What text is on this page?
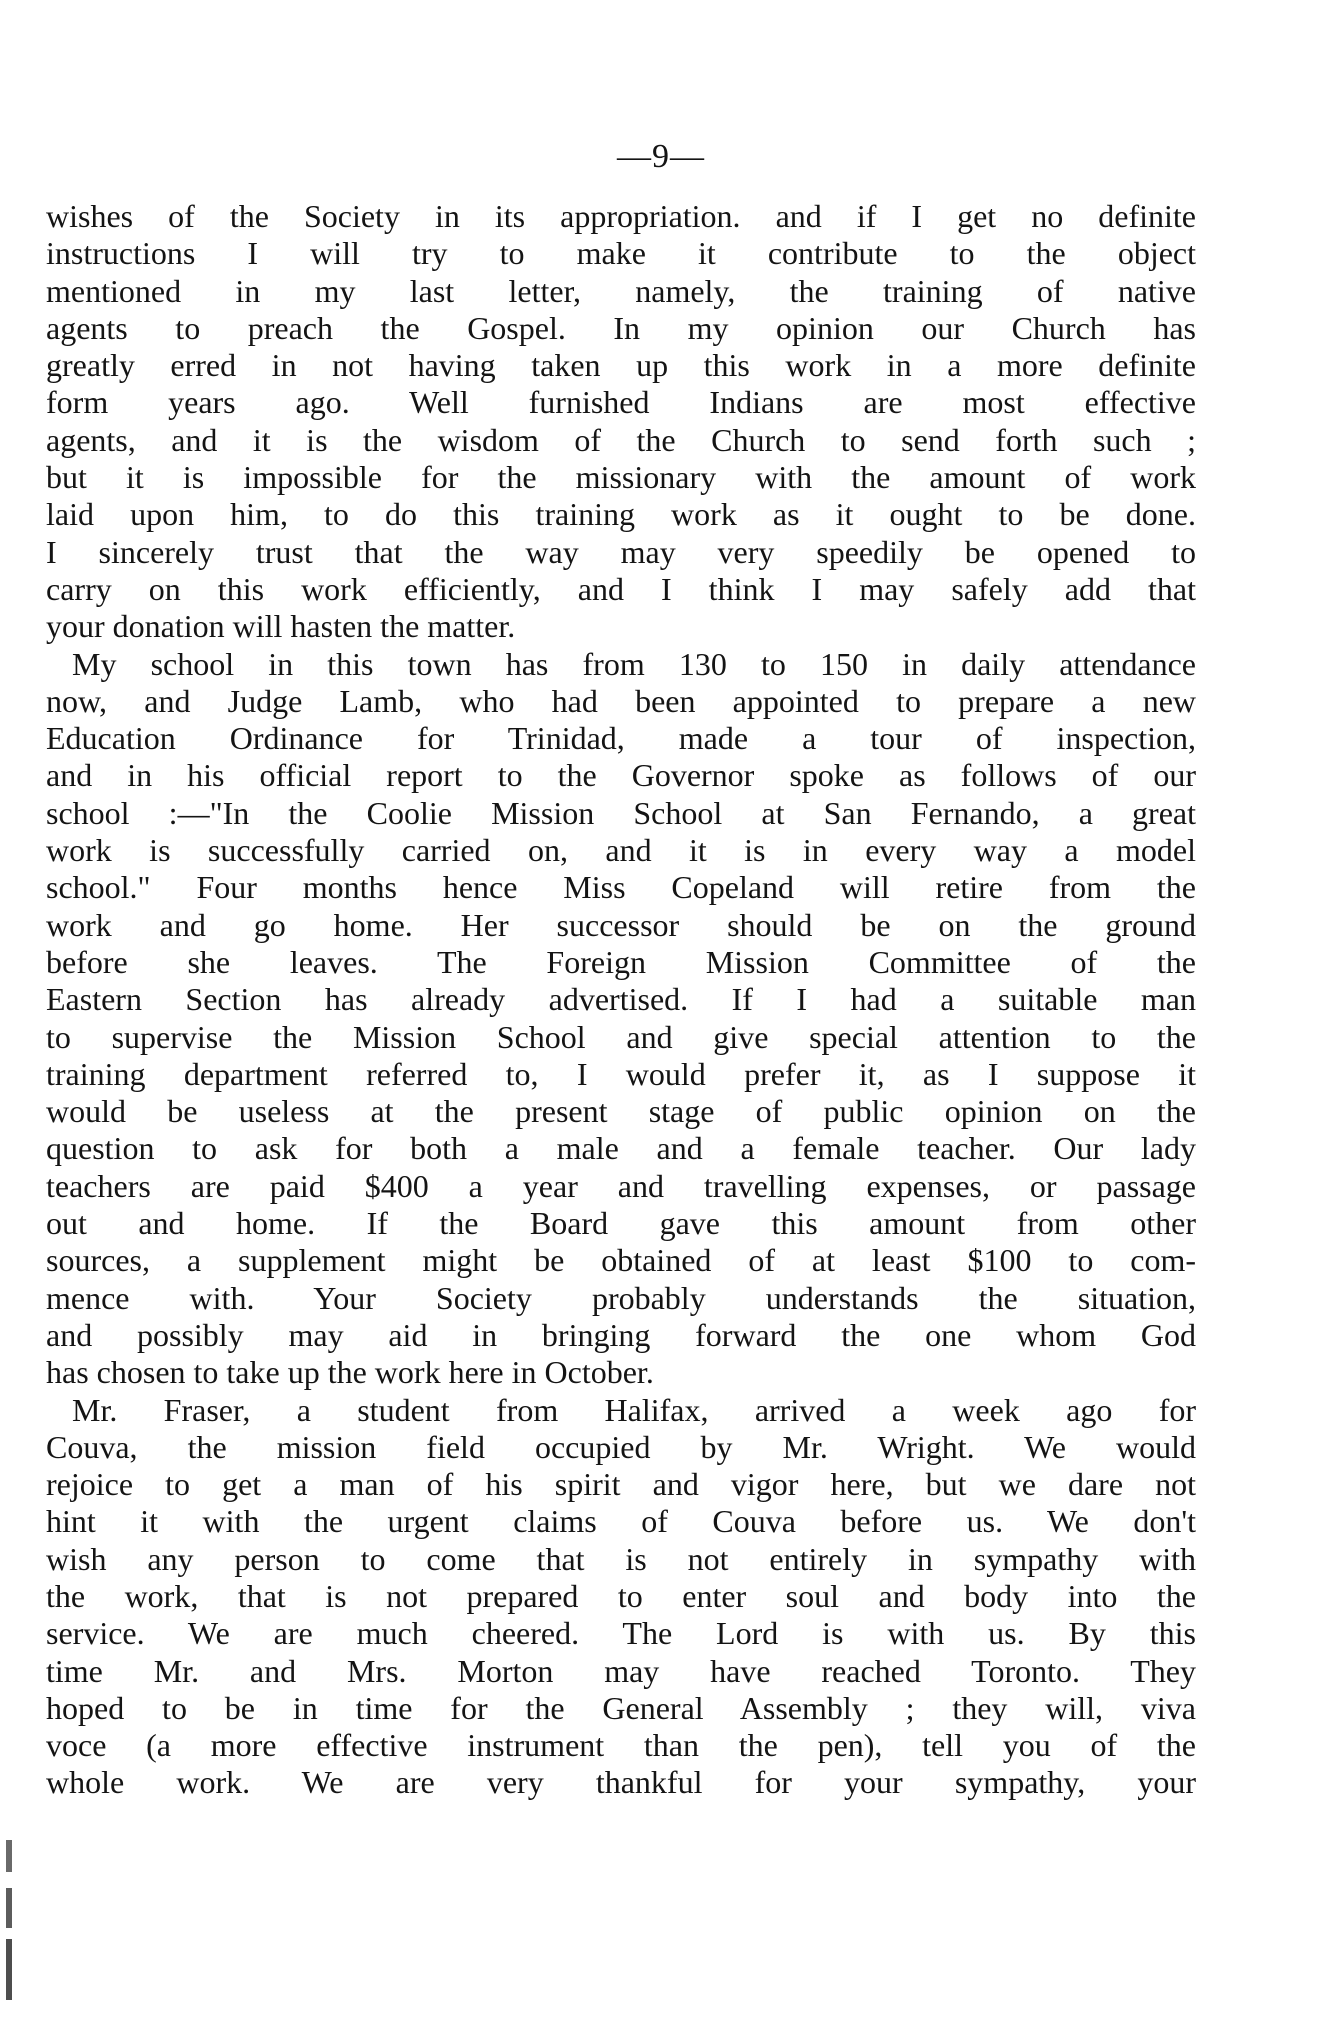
—9—
wishes of the Society in its appropriation. and if I get no definite
instructions I will try to make it contribute to the object
mentioned in my last letter, namely, the training of native
agents to preach the Gospel. In my opinion our Church has
greatly erred in not having taken up this work in a more definite
form years ago. Well furnished Indians are most effective
agents, and it is the wisdom of the Church to send forth such ;
but it is impossible for the missionary with the amount of work
laid upon him, to do this training work as it ought to be done.
I sincerely trust that the way may very speedily be opened to
carry on this work efficiently, and I think I may safely add that
your donation will hasten the matter.
My school in this town has from 130 to 150 in daily attendance
now, and Judge Lamb, who had been appointed to prepare a new
Education Ordinance for Trinidad, made a tour of inspection,
and in his official report to the Governor spoke as follows of our
school :—"In the Coolie Mission School at San Fernando, a great
work is successfully carried on, and it is in every way a model
school." Four months hence Miss Copeland will retire from the
work and go home. Her successor should be on the ground
before she leaves. The Foreign Mission Committee of the
Eastern Section has already advertised. If I had a suitable man
to supervise the Mission School and give special attention to the
training department referred to, I would prefer it, as I suppose it
would be useless at the present stage of public opinion on the
question to ask for both a male and a female teacher. Our lady
teachers are paid $400 a year and travelling expenses, or passage
out and home. If the Board gave this amount from other
sources, a supplement might be obtained of at least $100 to com-
mence with. Your Society probably understands the situation,
and possibly may aid in bringing forward the one whom God
has chosen to take up the work here in October.
Mr. Fraser, a student from Halifax, arrived a week ago for
Couva, the mission field occupied by Mr. Wright. We would
rejoice to get a man of his spirit and vigor here, but we dare not
hint it with the urgent claims of Couva before us. We don't
wish any person to come that is not entirely in sympathy with
the work, that is not prepared to enter soul and body into the
service. We are much cheered. The Lord is with us. By this
time Mr. and Mrs. Morton may have reached Toronto. They
hoped to be in time for the General Assembly ; they will, viva
voce (a more effective instrument than the pen), tell you of the
whole work. We are very thankful for your sympathy, your
